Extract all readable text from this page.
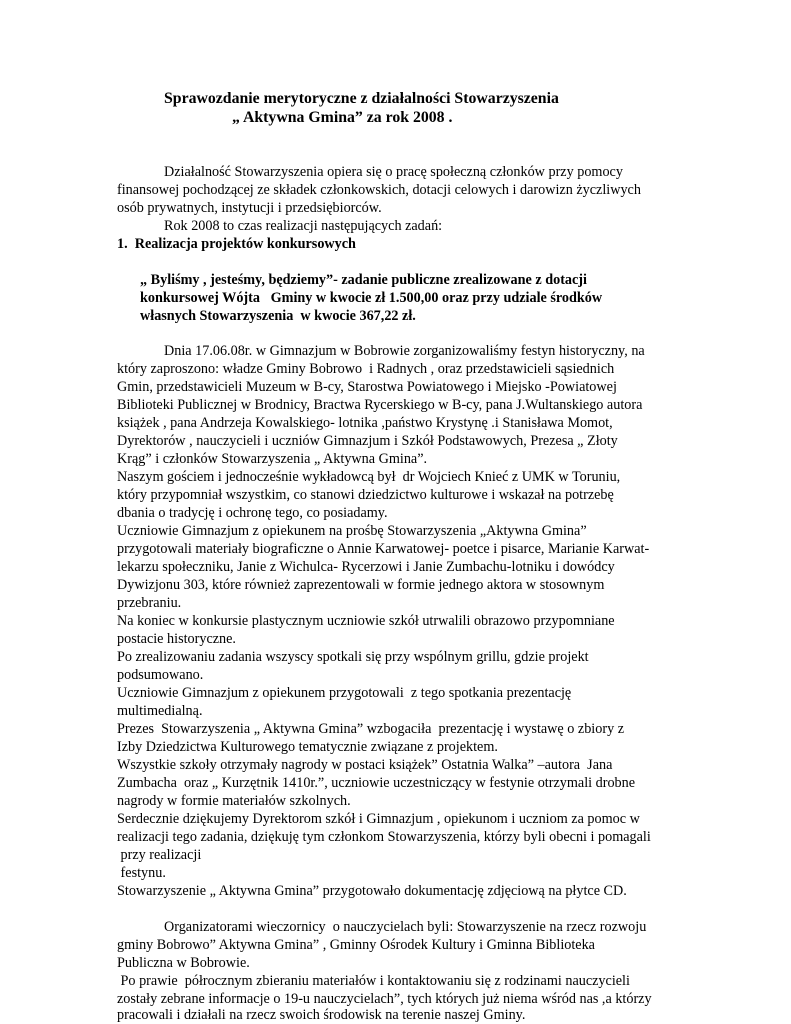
Sprawozdanie merytoryczne z działalności Stowarzyszenia
„ Aktywna Gmina” za rok 2008 .
Działalność Stowarzyszenia opiera się o pracę społeczną członków przy pomocy
finansowej pochodzącej ze składek członkowskich, dotacji celowych i darowizn życzliwych
osób prywatnych, instytucji i przedsiębiorców.
Rok 2008 to czas realizacji następujących zadań:
1.  Realizacja projektów konkursowych
„ Byliśmy , jesteśmy, będziemy”- zadanie publiczne zrealizowane z dotacji
konkursowej Wójta   Gminy w kwocie zł 1.500,00 oraz przy udziale środków
własnych Stowarzyszenia  w kwocie 367,22 zł.
Dnia 17.06.08r. w Gimnazjum w Bobrowie zorganizowaliśmy festyn historyczny, na
który zaproszono: władze Gminy Bobrowo  i Radnych , oraz przedstawicieli sąsiednich
Gmin, przedstawicieli Muzeum w B-cy, Starostwa Powiatowego i Miejsko -Powiatowej
Biblioteki Publicznej w Brodnicy, Bractwa Rycerskiego w B-cy, pana J.Wultanskiego autora
książek , pana Andrzeja Kowalskiego- lotnika ,państwo Krystynę .i Stanisława Momot,
Dyrektorów , nauczycieli i uczniów Gimnazjum i Szkół Podstawowych, Prezesa „ Złoty
Krąg” i członków Stowarzyszenia „ Aktywna Gmina”.
Naszym gościem i jednocześnie wykładowcą był  dr Wojciech Knieć z UMK w Toruniu,
który przypomniał wszystkim, co stanowi dziedzictwo kulturowe i wskazał na potrzebę
dbania o tradycję i ochronę tego, co posiadamy.
Uczniowie Gimnazjum z opiekunem na prośbę Stowarzyszenia „Aktywna Gmina”
przygotowali materiały biograficzne o Annie Karwatowej- poetce i pisarce, Marianie Karwat-
lekarzu społeczniku, Janie z Wichulca- Rycerzowi i Janie Zumbachu-lotniku i dowódcy
Dywizjonu 303, które również zaprezentowali w formie jednego aktora w stosownym
przebraniu.
Na koniec w konkursie plastycznym uczniowie szkół utrwalili obrazowo przypomniane
postacie historyczne.
Po zrealizowaniu zadania wszyscy spotkali się przy wspólnym grillu, gdzie projekt
podsumowano.
Uczniowie Gimnazjum z opiekunem przygotowali  z tego spotkania prezentację
multimedialną.
Prezes  Stowarzyszenia „ Aktywna Gmina” wzbogaciła  prezentację i wystawę o zbiory z
Izby Dziedzictwa Kulturowego tematycznie związane z projektem.
Wszystkie szkoły otrzymały nagrody w postaci książek” Ostatnia Walka” –autora  Jana
Zumbacha  oraz „ Kurzętnik 1410r.”, uczniowie uczestniczący w festynie otrzymali drobne
nagrody w formie materiałów szkolnych.
Serdecznie dziękujemy Dyrektorom szkół i Gimnazjum , opiekunom i uczniom za pomoc w
realizacji tego zadania, dziękuję tym członkom Stowarzyszenia, którzy byli obecni i pomagali
przy realizacji
festynu.
Stowarzyszenie „ Aktywna Gmina” przygotowało dokumentację zdjęciową na płytce CD.
Organizatorami wieczornicy  o nauczycielach byli: Stowarzyszenie na rzecz rozwoju
gminy Bobrowo” Aktywna Gmina” , Gminny Ośrodek Kultury i Gminna Biblioteka
Publiczna w Bobrowie.
Po prawie  półrocznym zbieraniu materiałów i kontaktowaniu się z rodzinami nauczycieli
zostały zebrane informacje o 19-u nauczycielach”, tych których już niema wśród nas ,a którzy
pracowali i działali na rzecz swoich środowisk na terenie naszej Gminy.
